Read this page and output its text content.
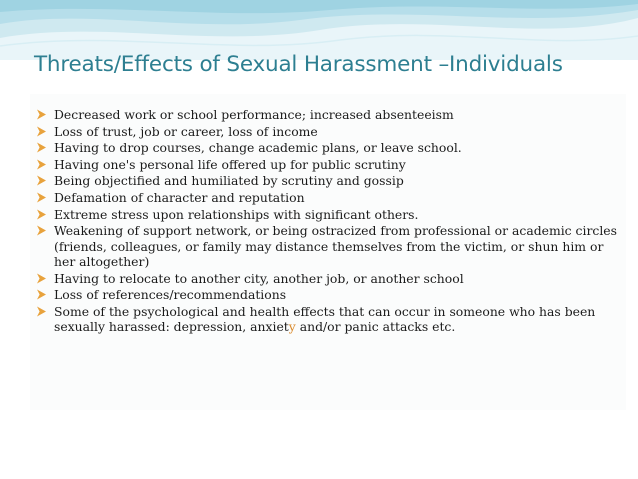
Threats/Effects of Sexual Harassment –Individuals
Decreased work or school performance; increased absenteeism
Loss of trust, job or career, loss of income
Having to drop courses, change academic plans, or leave school.
Having one's personal life offered up for public scrutiny
Being objectified and humiliated by scrutiny and gossip
Defamation of character and reputation
Extreme stress upon relationships with significant others.
Weakening of support network, or being ostracized from professional or academic circles (friends, colleagues, or family may distance themselves from the victim, or shun him or her altogether)
Having to relocate to another city, another job, or another school
Loss of references/recommendations
Some of the psychological and health effects that can occur in someone who has been sexually harassed: depression, anxiety and/or panic attacks etc.
